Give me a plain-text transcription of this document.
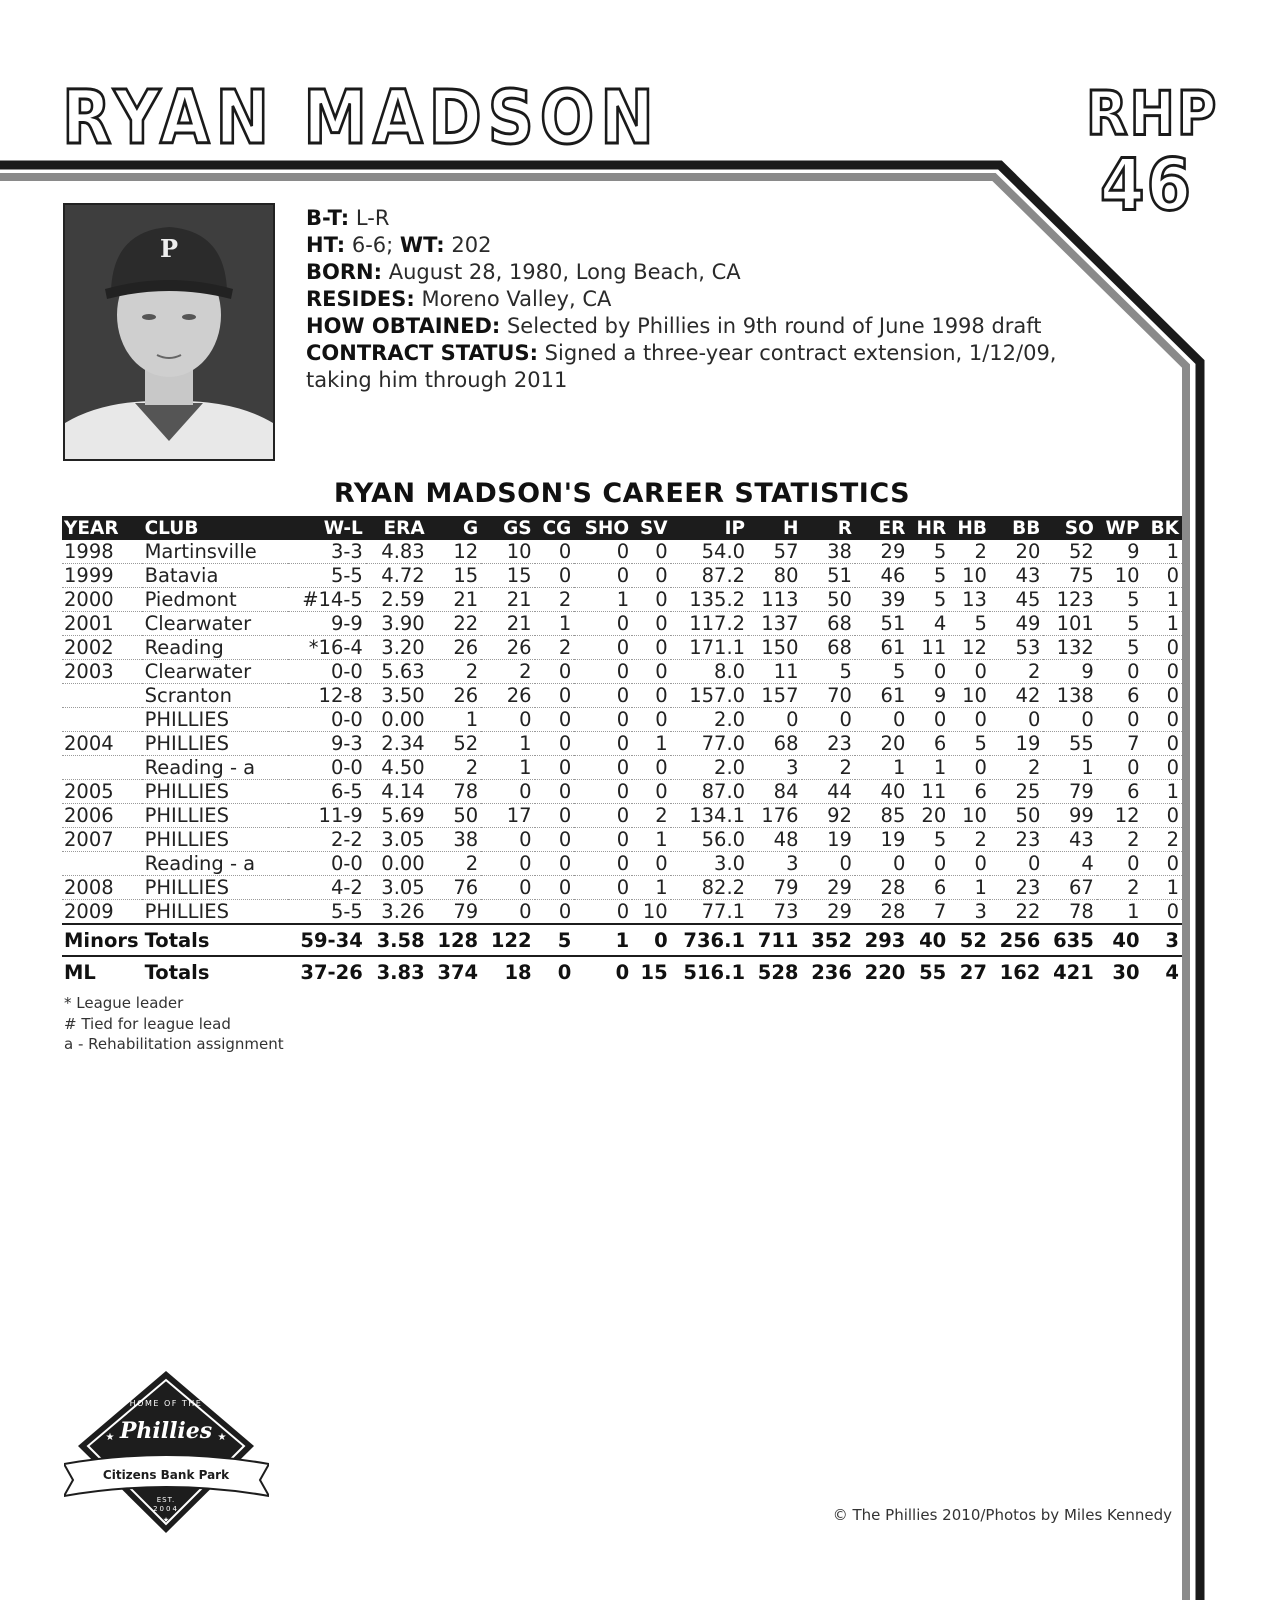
RYAN MADSON	RHP
46
P
B-T: L-R
HT: 6-6; WT: 202
BORN: August 28, 1980, Long Beach, CA
RESIDES: Moreno Valley, CA
HOW OBTAINED: Selected by Phillies in 9th round of June 1998 draft
CONTRACT STATUS: Signed a three-year contract extension, 1/12/09, taking him through 2011
RYAN MADSON'S CAREER STATISTICS
YEAR	CLUB	W-L	ERA	G	GS	CG	SHO	SV	IP	H	R	ER	HR	HB	BB	SO	WP	BK
1998	Martinsville	3-3	4.83	12	10	0	0	0	54.0	57	38	29	5	2	20	52	9	1
1999	Batavia	5-5	4.72	15	15	0	0	0	87.2	80	51	46	5	10	43	75	10	0
2000	Piedmont	#14-5	2.59	21	21	2	1	0	135.2	113	50	39	5	13	45	123	5	1
2001	Clearwater	9-9	3.90	22	21	1	0	0	117.2	137	68	51	4	5	49	101	5	1
2002	Reading	*16-4	3.20	26	26	2	0	0	171.1	150	68	61	11	12	53	132	5	0
2003	Clearwater	0-0	5.63	2	2	0	0	0	8.0	11	5	5	0	0	2	9	0	0
	Scranton	12-8	3.50	26	26	0	0	0	157.0	157	70	61	9	10	42	138	6	0
	PHILLIES	0-0	0.00	1	0	0	0	0	2.0	0	0	0	0	0	0	0	0	0
2004	PHILLIES	9-3	2.34	52	1	0	0	1	77.0	68	23	20	6	5	19	55	7	0
	Reading - a	0-0	4.50	2	1	0	0	0	2.0	3	2	1	1	0	2	1	0	0
2005	PHILLIES	6-5	4.14	78	0	0	0	0	87.0	84	44	40	11	6	25	79	6	1
2006	PHILLIES	11-9	5.69	50	17	0	0	2	134.1	176	92	85	20	10	50	99	12	0
2007	PHILLIES	2-2	3.05	38	0	0	0	1	56.0	48	19	19	5	2	23	43	2	2
	Reading - a	0-0	0.00	2	0	0	0	0	3.0	3	0	0	0	0	0	4	0	0
2008	PHILLIES	4-2	3.05	76	0	0	0	1	82.2	79	29	28	6	1	23	67	2	1
2009	PHILLIES	5-5	3.26	79	0	0	0	10	77.1	73	29	28	7	3	22	78	1	0
Minors	Totals	59-34	3.58	128	122	5	1	0	736.1	711	352	293	40	52	256	635	40	3
ML	Totals	37-26	3.83	374	18	0	0	15	516.1	528	236	220	55	27	162	421	30	4
* League leader
# Tied for league lead
a - Rehabilitation assignment
HOME OF THE
Phillies
★	★
Citizens Bank Park
EST.
2004
★	© The Phillies 2010/Photos by Miles Kennedy
